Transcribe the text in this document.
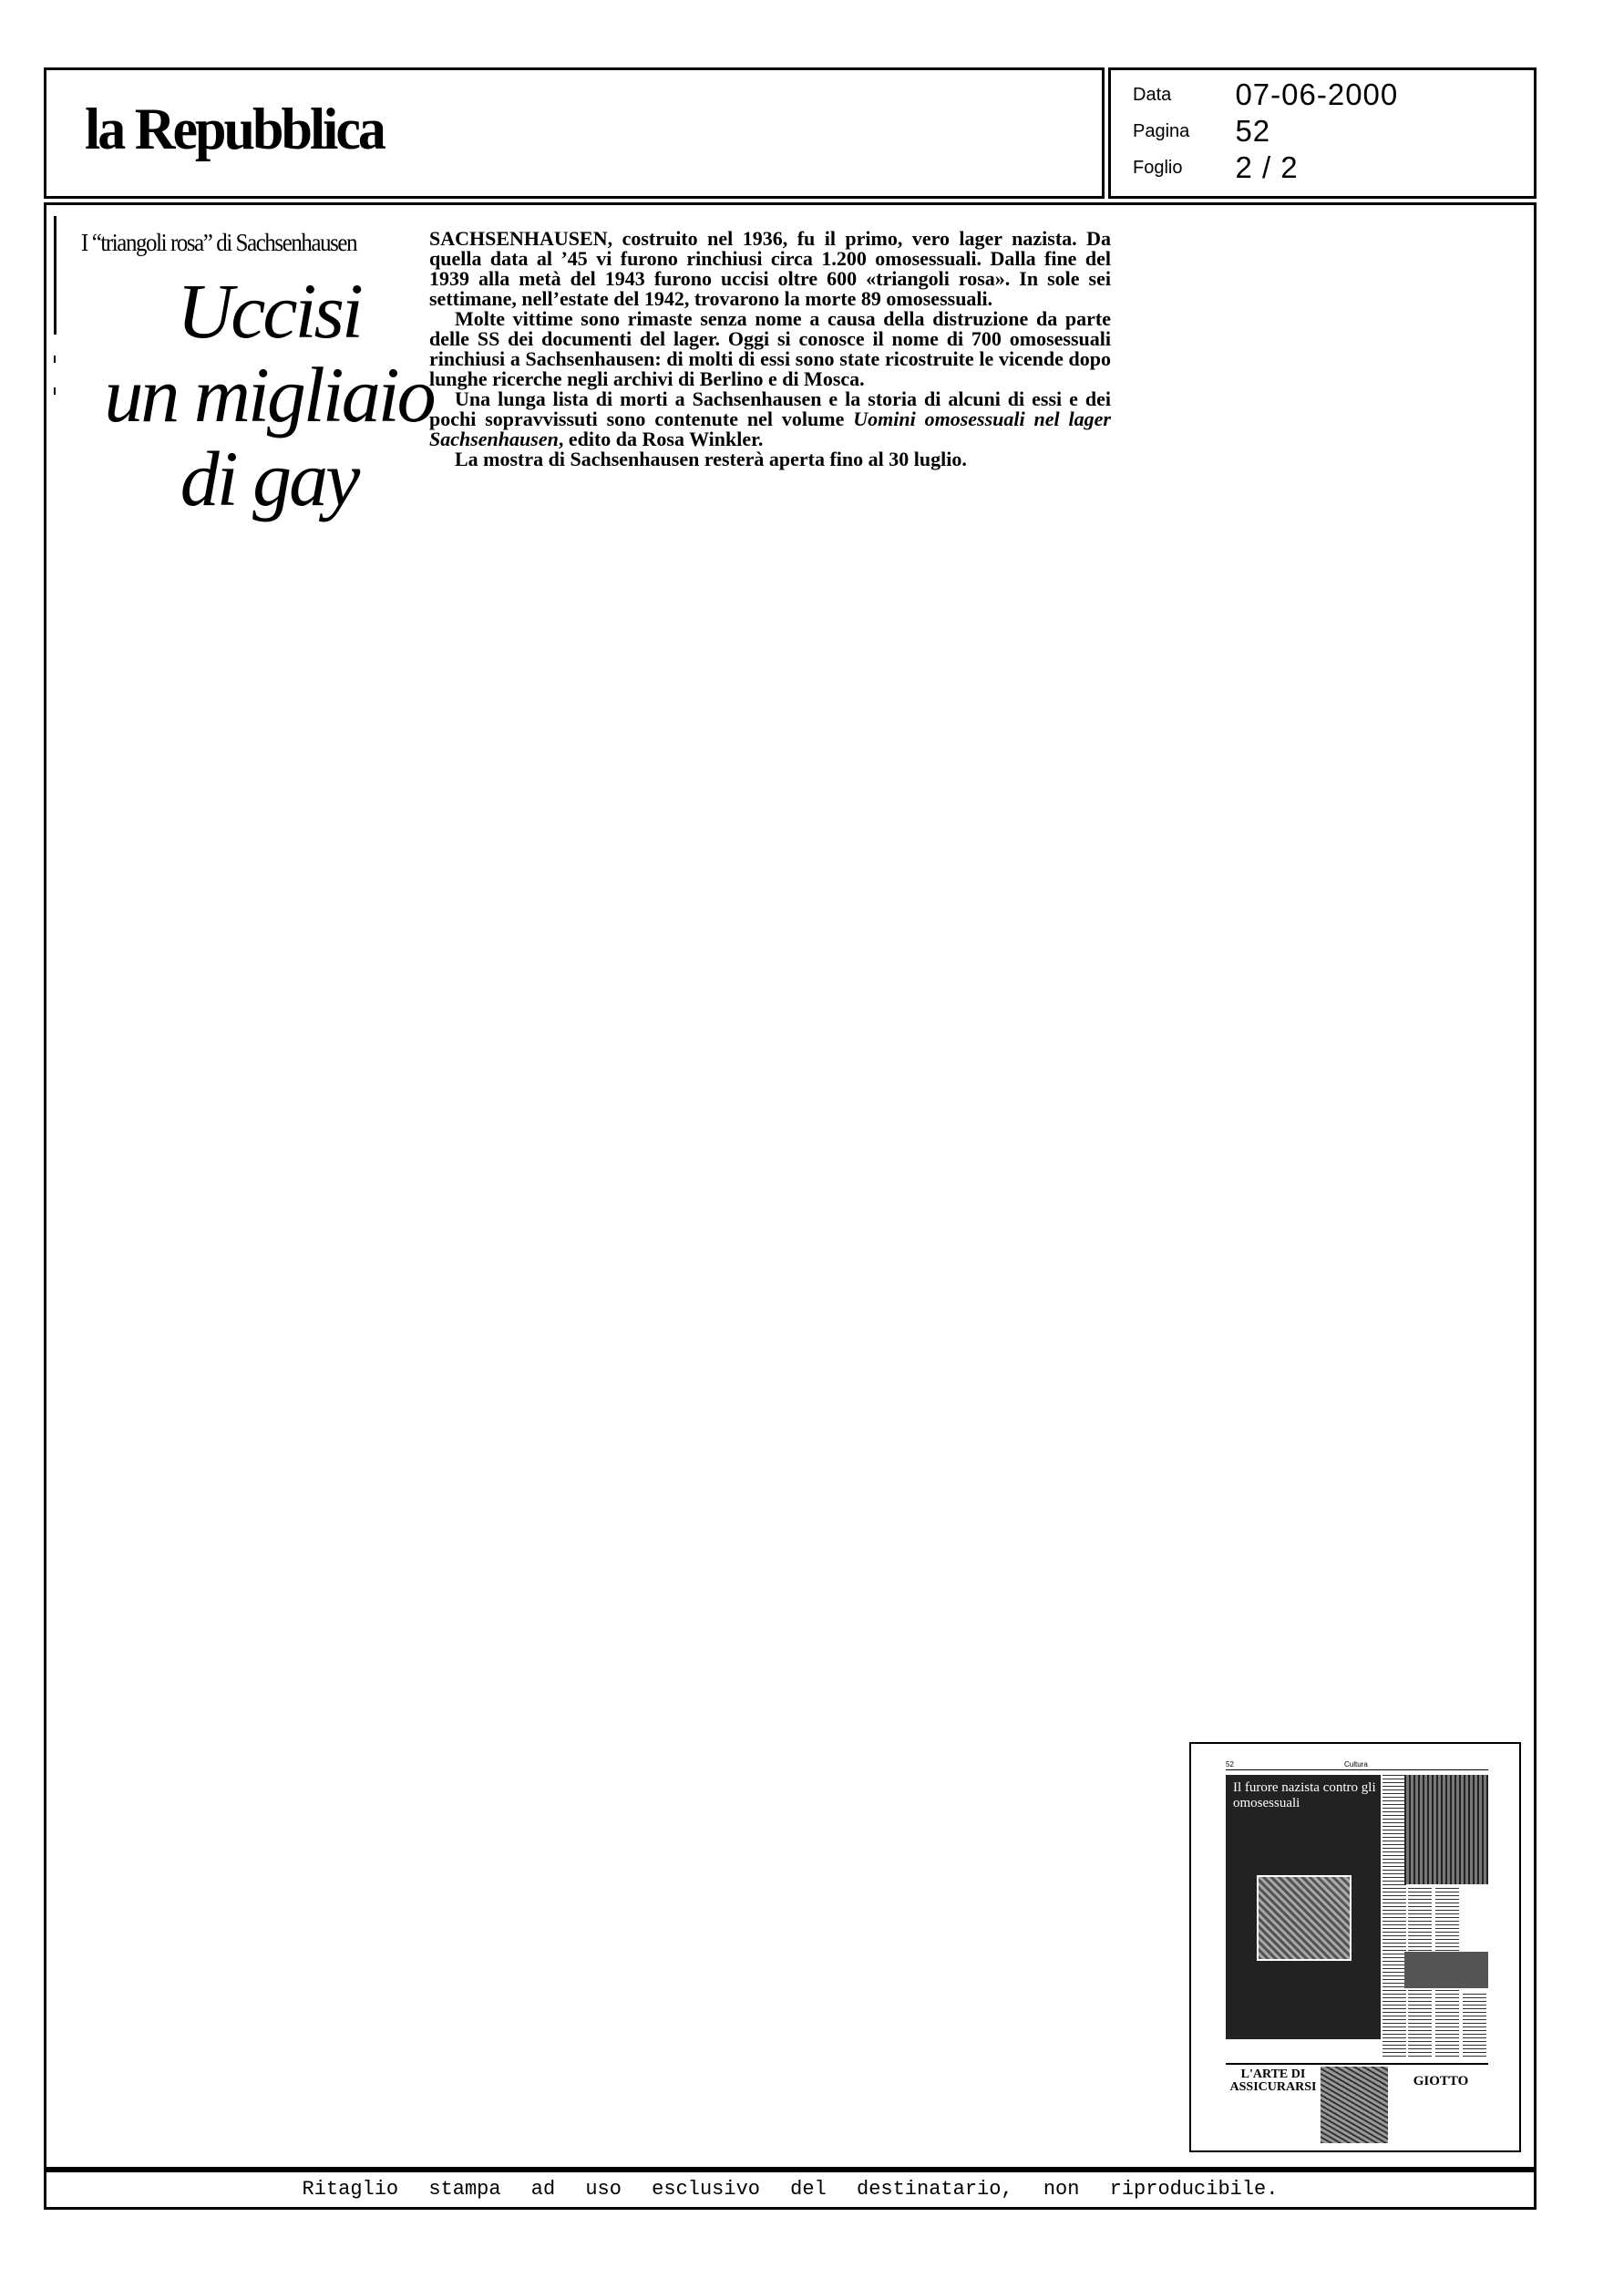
la Repubblica
Data 07-06-2000
Pagina 52
Foglio 2 / 2
I “triangoli rosa” di Sachsenhausen
Uccisi
un migliaio
di gay

SACHSENHAUSEN, costruito nel 1936, fu il primo, vero lager nazista. Da quella data al ’45 vi furono rinchiusi circa 1.200 omosessuali. Dalla fine del 1939 alla metà del 1943 furono uccisi oltre 600 «triangoli rosa». In sole sei settimane, nell’estate del 1942, trovarono la morte 89 omosessuali.

Molte vittime sono rimaste senza nome a causa della distruzione da parte delle SS dei documenti del lager. Oggi si conosce il nome di 700 omosessuali rinchiusi a Sachsenhausen: di molti di essi sono state ricostruite le vicende dopo lunghe ricerche negli archivi di Berlino e di Mosca.

Una lunga lista di morti a Sachsenhausen e la storia di alcuni di essi e dei pochi sopravvissuti sono contenute nel volume Uomini omosessuali nel lager Sachsenhausen, edito da Rosa Winkler.

La mostra di Sachsenhausen resterà aperta fino al 30 luglio.

52	Cultura
Il furore nazista contro gli omosessuali
L'ARTE DI ASSICURARSI	GIOTTO
Ritaglio stampa ad uso esclusivo del destinatario, non riproducibile.
